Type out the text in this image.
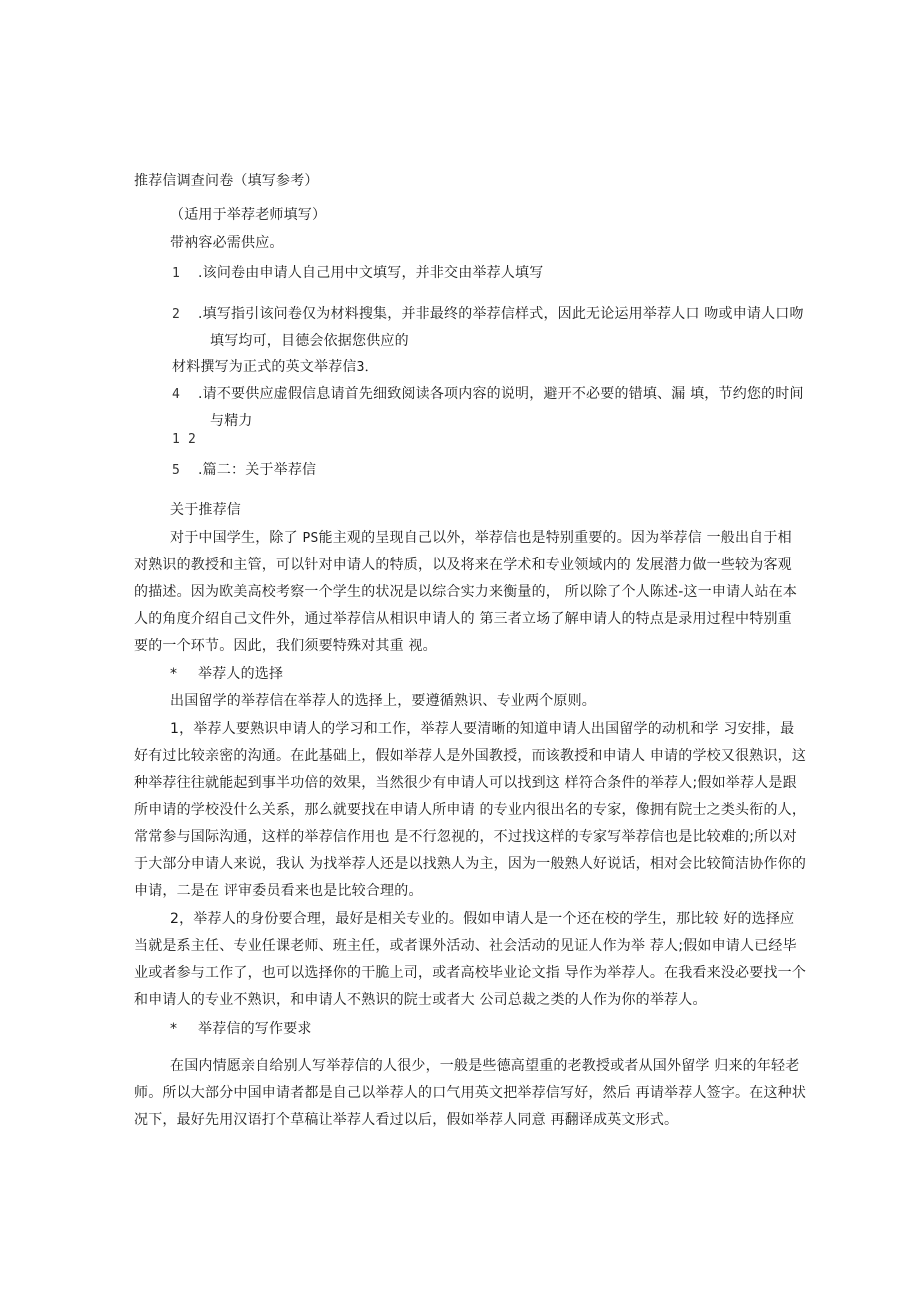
推荐信调查问卷（填写参考）
（适用于举荐老师填写）
带衲容必需供应。
1 .该问卷由申请人自己用中文填写，并非交由举荐人填写
2 .填写指引该问卷仅为材料搜集，并非最终的举荐信样式，因此无论运用举荐人口 吻或申请人口吻
填写均可，目德会依据您供应的
材料撰写为正式的英文举荐信3．
4 .请不要供应虚假信息请首先细致阅读各项内容的说明，避开不必要的错填、漏 填，节约您的时间
与精力
1 2
5 .篇二：关于举荐信
关于推荐信
对于中国学生，除了 PS能主观的呈现自己以外，举荐信也是特别重要的。因为举荐信 一般出自于相
对熟识的教授和主管，可以针对申请人的特质，以及将来在学术和专业领域内的 发展潜力做一些较为客观
的描述。因为欧美高校考察一个学生的状况是以综合实力来衡量的， 所以除了个人陈述-这一申请人站在本
人的角度介绍自己文件外，通过举荐信从相识申请人的 第三者立场了解申请人的特点是录用过程中特别重
要的一个环节。因此，我们须要特殊对其重 视。
* 举荐人的选择
出国留学的举荐信在举荐人的选择上，要遵循熟识、专业两个原则。
1，举荐人要熟识申请人的学习和工作，举荐人要清晰的知道申请人出国留学的动机和学 习安排，最
好有过比较亲密的沟通。在此基础上，假如举荐人是外国教授，而该教授和申请人 申请的学校又很熟识，这
种举荐往往就能起到事半功倍的效果，当然很少有申请人可以找到这 样符合条件的举荐人;假如举荐人是跟
所申请的学校没什么关系，那么就要找在申请人所申请 的专业内很出名的专家，像拥有院士之类头衔的人，
常常参与国际沟通，这样的举荐信作用也 是不行忽视的，不过找这样的专家写举荐信也是比较难的;所以对
于大部分申请人来说，我认 为找举荐人还是以找熟人为主，因为一般熟人好说话，相对会比较简洁协作你的
申请，二是在 评审委员看来也是比较合理的。
2，举荐人的身份要合理，最好是相关专业的。假如申请人是一个还在校的学生，那比较 好的选择应
当就是系主任、专业任课老师、班主任，或者课外活动、社会活动的见证人作为举 荐人;假如申请人已经毕
业或者参与工作了，也可以选择你的干脆上司，或者高校毕业论文指 导作为举荐人。在我看来没必要找一个
和申请人的专业不熟识，和申请人不熟识的院士或者大 公司总裁之类的人作为你的举荐人。
* 举荐信的写作要求
在国内情愿亲自给别人写举荐信的人很少，一般是些德高望重的老教授或者从国外留学 归来的年轻老
师。所以大部分中国申请者都是自己以举荐人的口气用英文把举荐信写好，然后 再请举荐人签字。在这种状
况下，最好先用汉语打个草稿让举荐人看过以后，假如举荐人同意 再翻译成英文形式。
